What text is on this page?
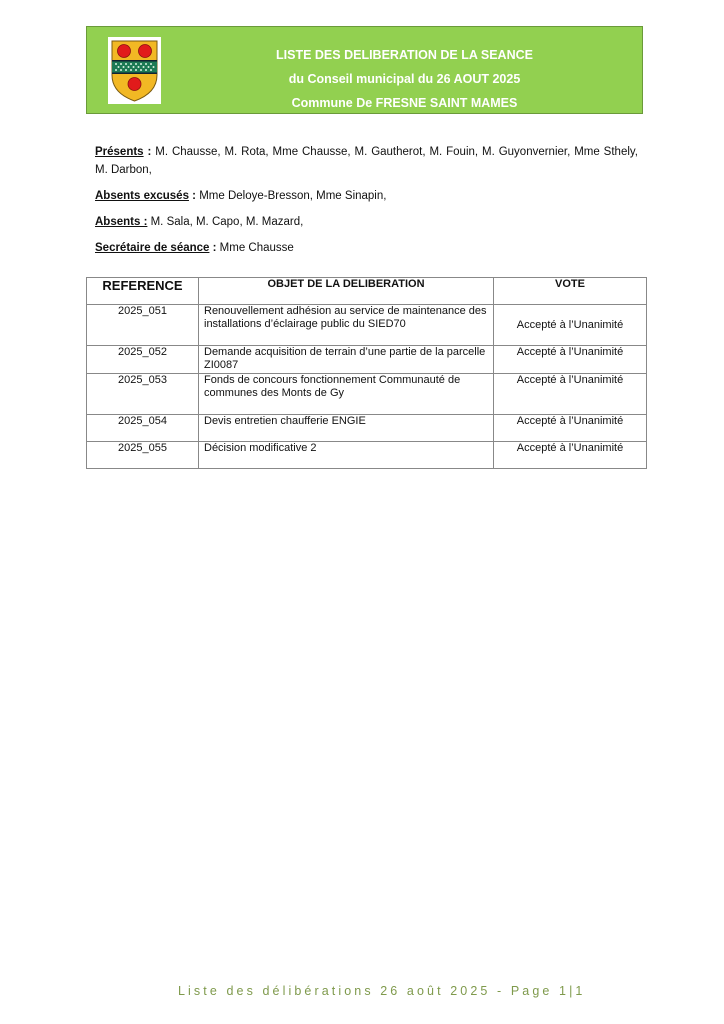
LISTE DES DELIBERATION DE LA SEANCE
du Conseil municipal du 26 AOUT 2025
Commune De FRESNE SAINT MAMES

Présents : M. Chausse, M. Rota, Mme Chausse, M. Gautherot, M. Fouin, M. Guyonvernier, Mme Sthely, M. Darbon,

Absents excusés : Mme Deloye-Bresson, Mme Sinapin,

Absents : M. Sala, M. Capo, M. Mazard,

Secrétaire de séance : Mme Chausse

REFERENCE	OBJET DE LA DELIBERATION	VOTE
2025_051	Renouvellement adhésion au service de maintenance des installations d’éclairage public du SIED70	Accepté à l’Unanimité
2025_052	Demande acquisition de terrain d’une partie de la parcelle ZI0087	Accepté à l’Unanimité
2025_053	Fonds de concours fonctionnement Communauté de communes des Monts de Gy	Accepté à l’Unanimité
2025_054	Devis entretien chaufferie ENGIE	Accepté à l’Unanimité
2025_055	Décision modificative 2	Accepté à l’Unanimité
Liste des délibérations 26 août 2025 - Page 1|1
